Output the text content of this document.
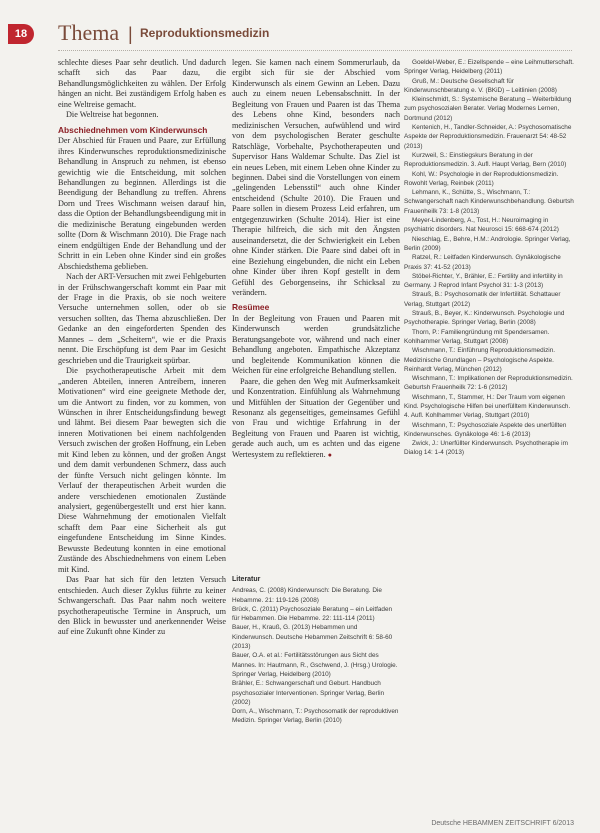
18	Thema | Reproduktionsmedizin

schlechte dieses Paar sehr deutlich. Und dadurch schafft sich das Paar dazu, die Behandlungsmöglichkeiten zu wählen. Der Erfolg hängen an nicht. Bei zuständigem Erfolg haben es eine Weltreise gemacht.

Die Weltreise hat begonnen.

Abschiednehmen vom Kinderwunsch

Der Abschied für Frauen und Paare, zur Erfüllung ihres Kinderwunsches reproduktionsmedizinische Behandlung in Anspruch zu nehmen, ist ebenso gewichtig wie die Entscheidung, mit solchen Behandlungen zu beginnen. Allerdings ist die Beendigung der Behandlung zu treffen. Ahrens Dorn und Trees Wischmann weisen darauf hin, dass die Option der Behandlungsbeendigung mit in die medizinische Beratung eingebunden werden sollte (Dorn & Wischmann 2010). Die Frage nach einem endgültigen Ende der Behandlung und der Schritt in ein Leben ohne Kinder sind ein großes Abschiedsthema geblieben.

Nach der ART-Versuchen mit zwei Fehlgeburten in der Frühschwangerschaft kommt ein Paar mit der Frage in die Praxis, ob sie noch weitere Versuche unternehmen sollen, oder ob sie versuchen sollten, das Thema abzuschließen. Der Gedanke an den eingeforderten Spenden des Mannes – dem „Scheitern“, wie er die Praxis nennt. Die Erschöpfung ist dem Paar im Gesicht geschrieben und die Traurigkeit spürbar.

Die psychotherapeutische Arbeit mit dem „anderen Abteilen, inneren Antreibern, inneren Motivationen“ wird eine geeignete Methode der, um die Antwort zu finden, vor zu kommen, von Wünschen in ihrer Entscheidungsfindung bewegt und lähmt. Bei diesem Paar bewegten sich die inneren Motivationen bei einem nachfolgenden Versuch zwischen der großen Hoffnung, ein Leben mit Kind leben zu können, und der großen Angst und dem damit verbundenen Schmerz, dass auch der fünfte Versuch nicht gelingen könnte. Im Verlauf der therapeutischen Arbeit wurden die andere verschiedenen emotionalen Zustände analysiert, gegenübergestellt und erst hier kann. Diese Wahrnehmung der emotionalen Vielfalt schafft dem Paar eine Sicherheit als gut eingefundene Entscheidung im Sinne Kindes. Bewusste Bedeutung konnten in eine emotional Zustände des Abschiednehmens von einem Leben mit Kind.

Das Paar hat sich für den letzten Versuch entschieden. Auch dieser Zyklus führte zu keiner Schwangerschaft. Das Paar nahm noch weitere psychotherapeutische Termine in Anspruch, um den Blick in bewusster und anerkennender Weise auf eine Zukunft ohne Kinder zu

legen. Sie kamen nach einem Sommerurlaub, da ergibt sich für sie der Abschied vom Kinderwunsch als einem Gewinn an Leben. Dazu auch zu einem neuen Lebensabschnitt. In der Begleitung von Frauen und Paaren ist das Thema des Lebens ohne Kind, besonders nach medizinischen Versuchen, aufwühlend und wird von dem psychologischen Berater geschulte Ratschläge, Vorbehalte, Psychotherapeuten und Supervisor Hans Waldemar Schulte. Das Ziel ist ein neues Leben, mit einem Leben ohne Kinder zu beginnen. Dabei sind die Vorstellungen von einem „gelingenden Lebensstil“ auch ohne Kinder entscheidend (Schulte 2010). Die Frauen und Paare sollen in diesem Prozess Leid erfahren, um entgegenzuwirken (Schulte 2014). Hier ist eine Therapie hilfreich, die sich mit den Ängsten auseinandersetzt, die der Schwierigkeit ein Leben ohne Kinder stärken. Die Paare sind dabei oft in eine Beziehung eingebunden, die nicht ein Leben ohne Kinder über ihren Kopf gestellt in dem Gefühl des Geborgenseins, ihr Schicksal zu verändern.

Resümee

In der Begleitung von Frauen und Paaren mit Kinderwunsch werden grundsätzliche Beratungsangebote vor, während und nach einer Behandlung angeboten. Empathische Akzeptanz und begleitende Kommunikation können die Weichen für eine erfolgreiche Behandlung stellen.

Paare, die gehen den Weg mit Aufmerksamkeit und Konzentration. Einfühlung als Wahrnehmung und Mitfühlen der Situation der Gegenüber und Resonanz als gegenseitiges, gemeinsames Gefühl von Frau und wichtige Erfahrung in der Begleitung von Frauen und Paaren ist wichtig, gerade auch auch, um es achten und das eigene Wertesystem zu reflektieren. ●

Literatur

Andreas, C. (2008) Kinderwunsch: Die Beratung. Die Hebamme. 21: 119-126 (2008)

Brück, C. (2011) Psychosoziale Beratung – ein Leitfaden für Hebammen. Die Hebamme. 22: 111-114 (2011)

Bauer, H., Krauß, G. (2013) Hebammen und Kinderwunsch. Deutsche Hebammen Zeitschrift 6: 58-60 (2013)

Bauer, O.A. et al.: Fertilitätsstörungen aus Sicht des Mannes. In: Hautmann, R., Gschwend, J. (Hrsg.) Urologie. Springer Verlag, Heidelberg (2010)

Brähler, E.: Schwangerschaft und Geburt. Handbuch psychosozialer Interventionen. Springer Verlag, Berlin (2002)

Dorn, A., Wischmann, T.: Psychosomatik der reproduktiven Medizin. Springer Verlag, Berlin (2010)

Goeldel-Weber, E.: Eizellspende – eine Leihmutterschaft. Springer Verlag, Heidelberg (2011)

Gruß, M.: Deutsche Gesellschaft für Kinderwunschberatung e. V. (BKiD) – Leitlinien (2008)

Kleinschmidt, S.: Systemische Beratung – Weiterbildung zum psychosozialen Berater. Verlag Modernes Lernen, Dortmund (2012)

Kentenich, H., Tandler-Schneider, A.: Psychosomatische Aspekte der Reproduktionsmedizin. Frauenarzt 54: 48-52 (2013)

Kurzweil, S.: Einstiegskurs Beratung in der Reproduktionsmedizin. 3. Aufl. Haupt Verlag, Bern (2010)

Kohl, W.: Psychologie in der Reproduktionsmedizin. Rowohlt Verlag, Reinbek (2011)

Lehmann, K., Schütte, S., Wischmann, T.: Schwangerschaft nach Kinderwunschbehandlung. Geburtsh Frauenheilk 73: 1-8 (2013)

Meyer-Lindenberg, A., Tost, H.: Neuroimaging in psychiatric disorders. Nat Neurosci 15: 668-674 (2012)

Nieschlag, E., Behre, H.M.: Andrologie. Springer Verlag, Berlin (2009)

Ratzel, R.: Leitfaden Kinderwunsch. Gynäkologische Praxis 37: 41-52 (2013)

Stöbel-Richter, Y., Brähler, E.: Fertility and infertility in Germany. J Reprod Infant Psychol 31: 1-3 (2013)

Strauß, B.: Psychosomatik der Infertilität. Schattauer Verlag, Stuttgart (2012)

Strauß, B., Beyer, K.: Kinderwunsch. Psychologie und Psychotherapie. Springer Verlag, Berlin (2008)

Thorn, P.: Familiengründung mit Spendersamen. Kohlhammer Verlag, Stuttgart (2008)

Wischmann, T.: Einführung Reproduktionsmedizin. Medizinische Grundlagen – Psychologische Aspekte. Reinhardt Verlag, München (2012)

Wischmann, T.: Implikationen der Reproduktionsmedizin. Geburtsh Frauenheilk 72: 1-6 (2012)

Wischmann, T., Stammer, H.: Der Traum vom eigenen Kind. Psychologische Hilfen bei unerfülltem Kinderwunsch. 4. Aufl. Kohlhammer Verlag, Stuttgart (2010)

Wischmann, T.: Psychosoziale Aspekte des unerfüllten Kinderwunsches. Gynäkologe 46: 1-6 (2013)

Zwick, J.: Unerfüllter Kinderwunsch. Psychotherapie im Dialog 14: 1-4 (2013)

Deutsche HEBAMMEN ZEITSCHRIFT 6/2013
